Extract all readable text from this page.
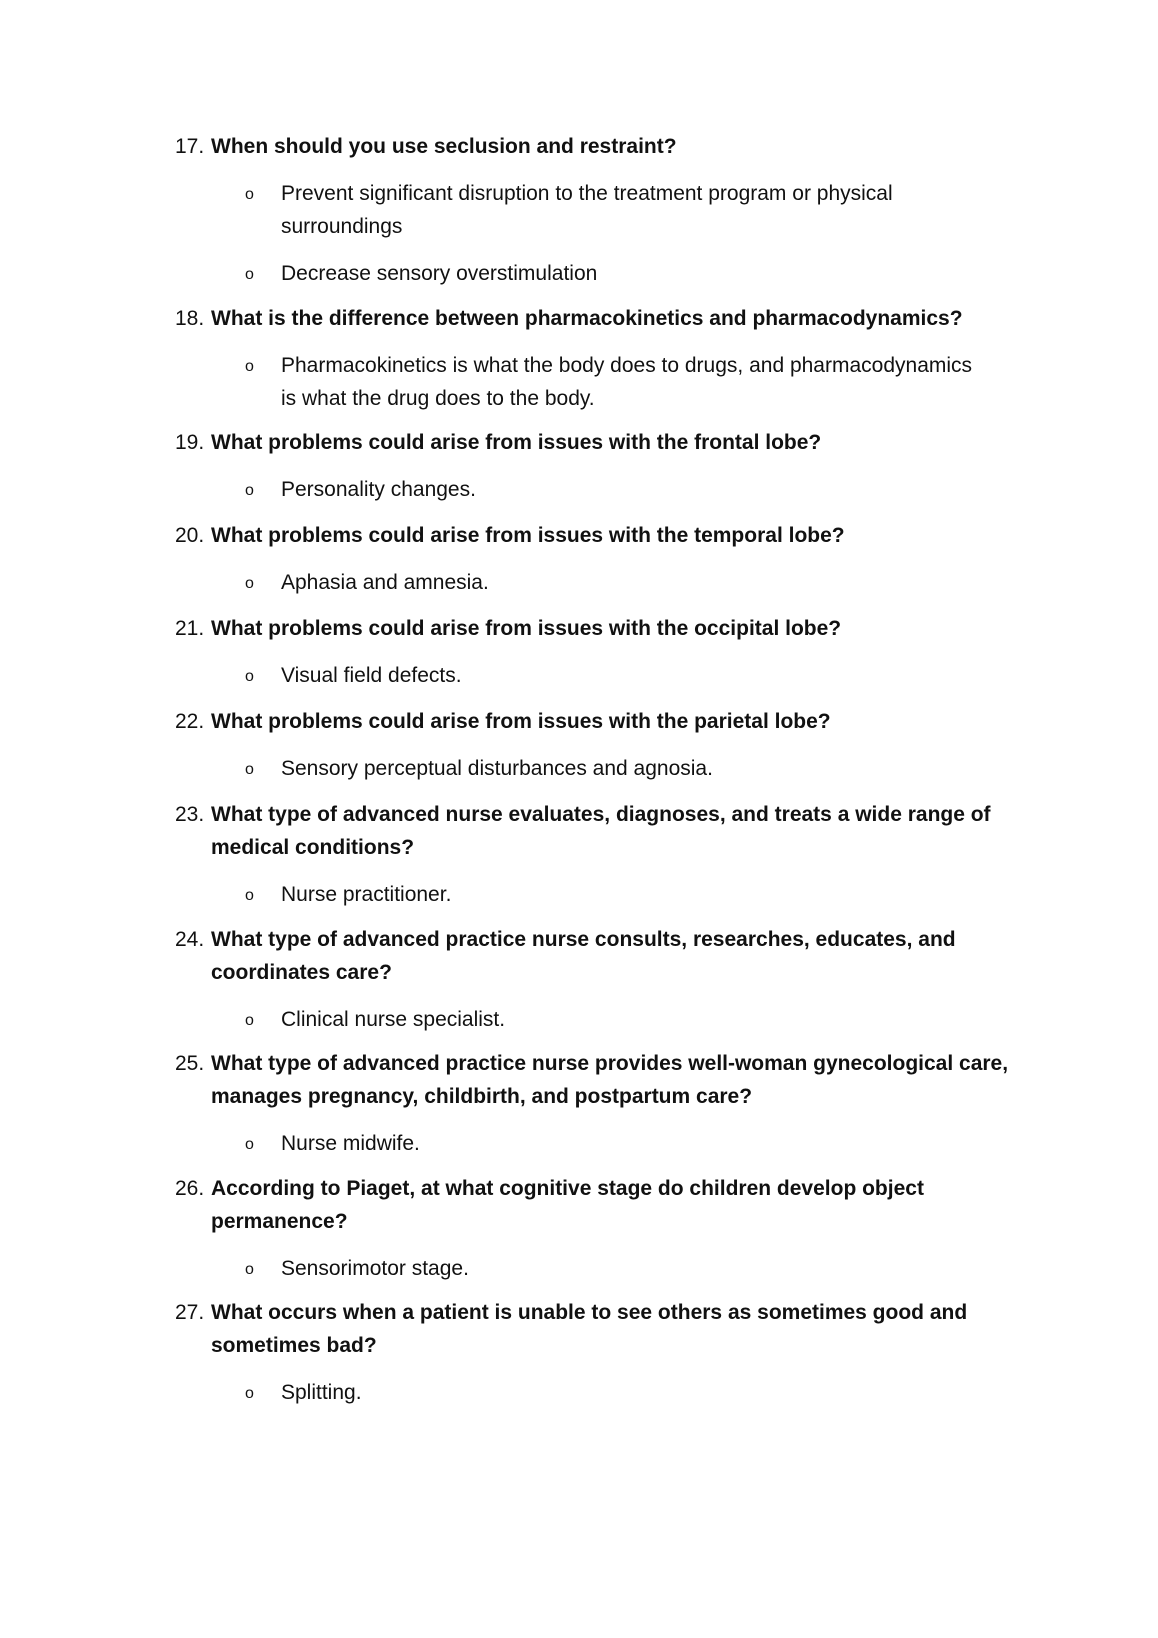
17. When should you use seclusion and restraint?

o Prevent significant disruption to the treatment program or physical surroundings
o Decrease sensory overstimulation

18. What is the difference between pharmacokinetics and pharmacodynamics?

o Pharmacokinetics is what the body does to drugs, and pharmacodynamics is what the drug does to the body.

19. What problems could arise from issues with the frontal lobe?

o Personality changes.

20. What problems could arise from issues with the temporal lobe?

o Aphasia and amnesia.

21. What problems could arise from issues with the occipital lobe?

o Visual field defects.

22. What problems could arise from issues with the parietal lobe?

o Sensory perceptual disturbances and agnosia.

23. What type of advanced nurse evaluates, diagnoses, and treats a wide range of medical conditions?

o Nurse practitioner.

24. What type of advanced practice nurse consults, researches, educates, and coordinates care?

o Clinical nurse specialist.

25. What type of advanced practice nurse provides well-woman gynecological care, manages pregnancy, childbirth, and postpartum care?

o Nurse midwife.

26. According to Piaget, at what cognitive stage do children develop object permanence?

o Sensorimotor stage.

27. What occurs when a patient is unable to see others as sometimes good and sometimes bad?

o Splitting.
